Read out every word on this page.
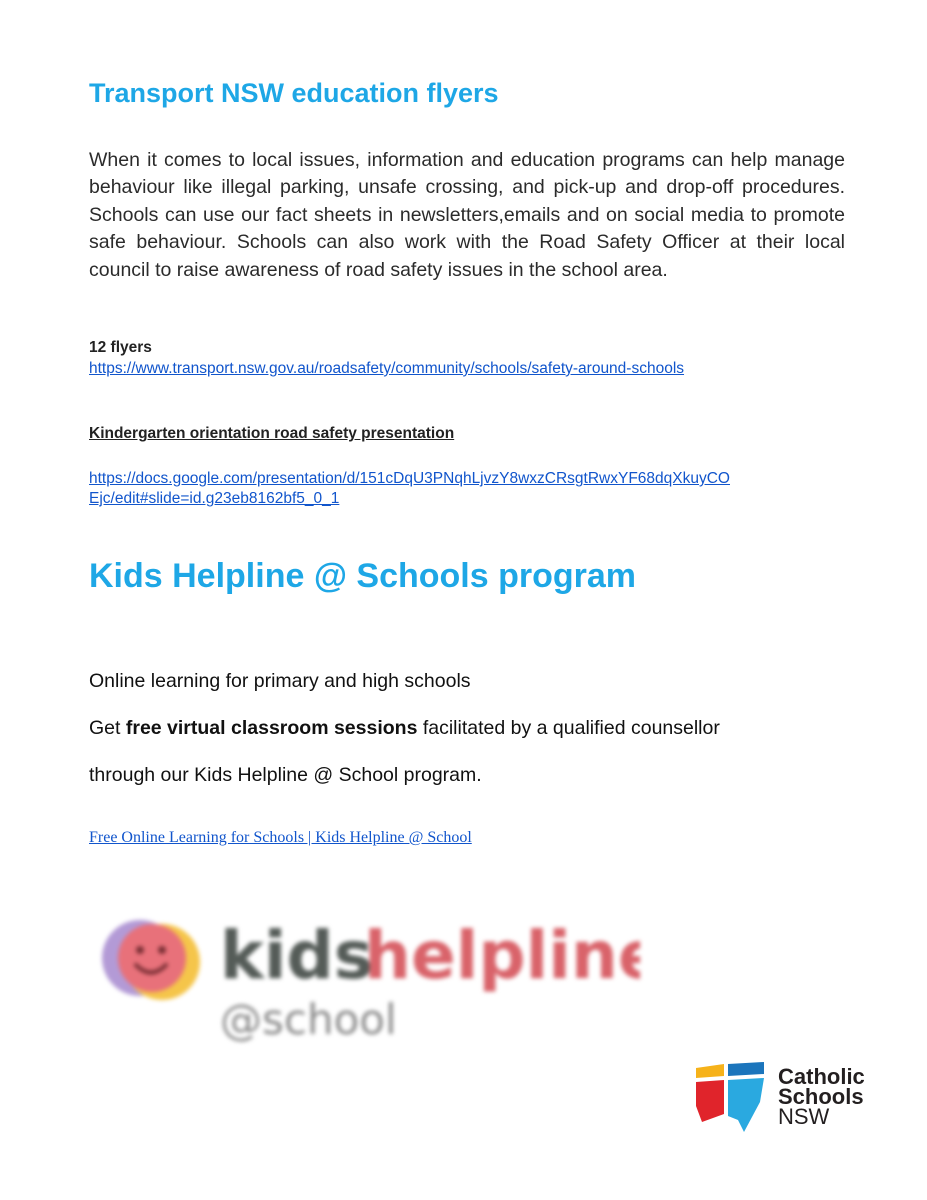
Transport NSW education flyers

When it comes to local issues, information and education programs can help manage behaviour like illegal parking, unsafe crossing, and pick-up and drop-off procedures. Schools can use our fact sheets in newsletters,emails and on social media to promote safe behaviour. Schools can also work with the Road Safety Officer at their local council to raise awareness of road safety issues in the school area.

12 flyers
https://www.transport.nsw.gov.au/roadsafety/community/schools/safety-around-schools
Kindergarten orientation road safety presentation
https://docs.google.com/presentation/d/151cDqU3PNqhLjvzY8wxzCRsgtRwxYF68dqXkuyCO
Ejc/edit#slide=id.g23eb8162bf5_0_1
Kids Helpline @ Schools program
Online learning for primary and high schools
Get free virtual classroom sessions facilitated by a qualified counsellor
through our Kids Helpline @ School program.
Free Online Learning for Schools | Kids Helpline @ School
kids
helpline
@school
Catholic
Schools
NSW
